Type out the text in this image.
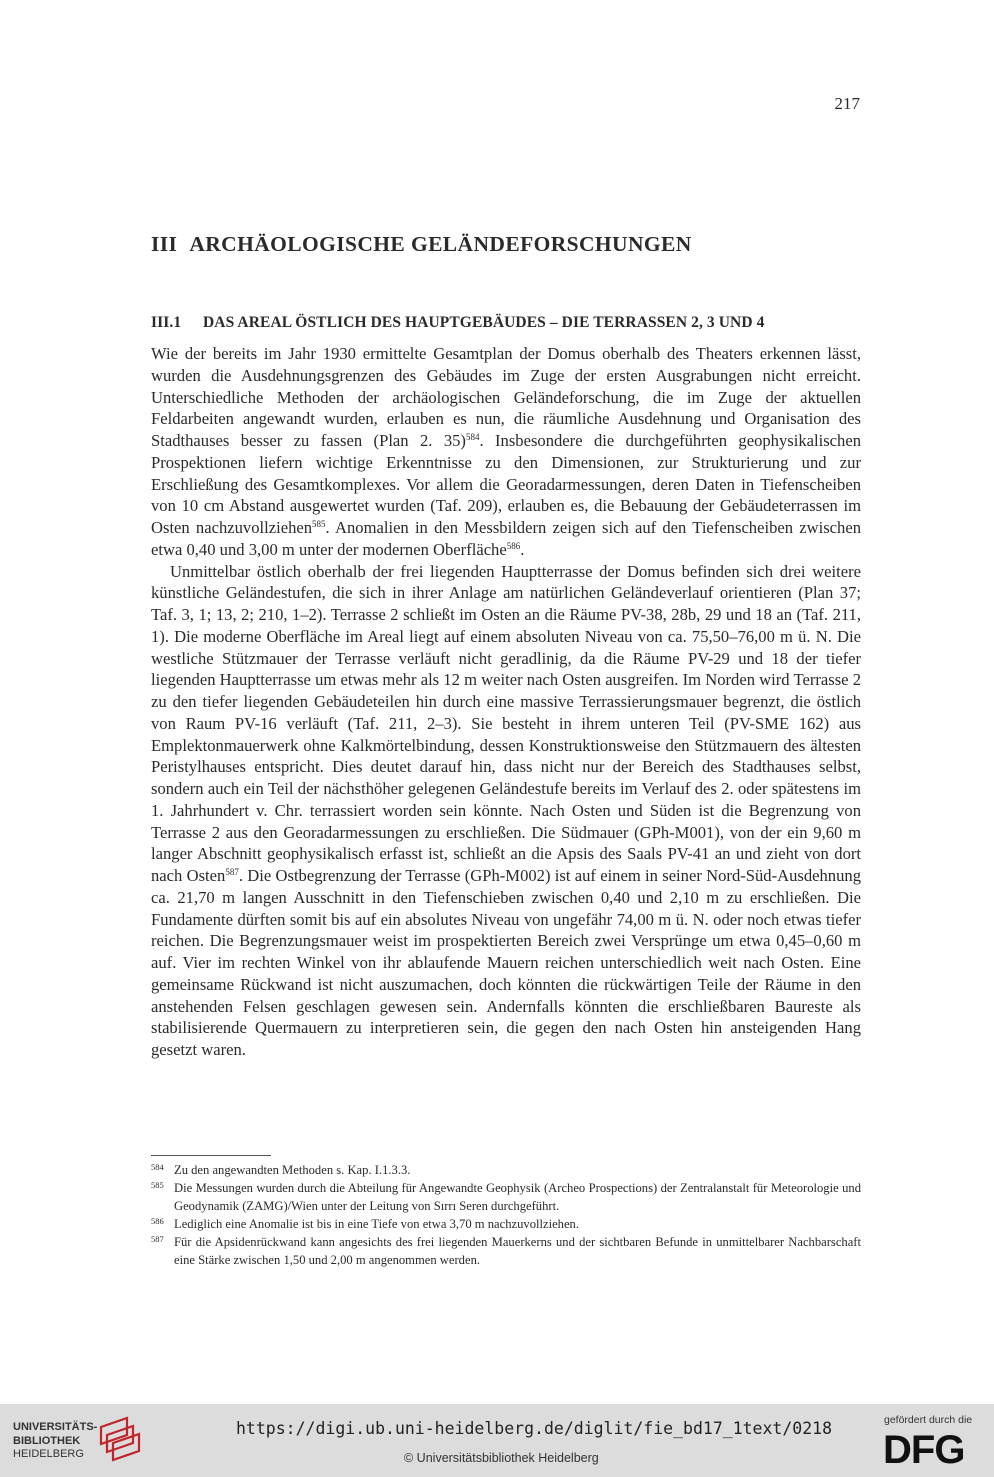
217
III ARCHÄOLOGISCHE GELÄNDEFORSCHUNGEN
III.1 DAS AREAL ÖSTLICH DES HAUPTGEBÄUDES – DIE TERRASSEN 2, 3 UND 4

Wie der bereits im Jahr 1930 ermittelte Gesamtplan der Domus oberhalb des Theaters erkennen lässt, wurden die Ausdehnungsgrenzen des Gebäudes im Zuge der ersten Ausgrabungen nicht erreicht. Unterschiedliche Methoden der archäologischen Geländeforschung, die im Zuge der aktuellen Feldarbeiten angewandt wurden, erlauben es nun, die räumliche Ausdehnung und Organisation des Stadthauses besser zu fassen (Plan 2. 35)$^{584}$. Insbesondere die durchgeführten geophysikalischen Prospektionen liefern wichtige Erkenntnisse zu den Dimensionen, zur Strukturierung und zur Erschließung des Gesamtkomplexes. Vor allem die Georadarmessungen, deren Daten in Tiefenscheiben von 10 cm Abstand ausgewertet wurden (Taf. 209), erlauben es, die Bebauung der Gebäudeterrassen im Osten nachzuvollziehen$^{585}$. Anomalien in den Messbildern zeigen sich auf den Tiefenscheiben zwischen etwa 0,40 und 3,00 m unter der modernen Oberfläche$^{586}$.

Unmittelbar östlich oberhalb der frei liegenden Hauptterrasse der Domus befinden sich drei weitere künstliche Geländestufen, die sich in ihrer Anlage am natürlichen Geländeverlauf orientieren (Plan 37; Taf. 3, 1; 13, 2; 210, 1–2). Terrasse 2 schließt im Osten an die Räume PV-38, 28b, 29 und 18 an (Taf. 211, 1). Die moderne Oberfläche im Areal liegt auf einem absoluten Niveau von ca. 75,50–76,00 m ü. N. Die westliche Stützmauer der Terrasse verläuft nicht geradlinig, da die Räume PV-29 und 18 der tiefer liegenden Hauptterrasse um etwas mehr als 12 m weiter nach Osten ausgreifen. Im Norden wird Terrasse 2 zu den tiefer liegenden Gebäudeteilen hin durch eine massive Terrassierungsmauer begrenzt, die östlich von Raum PV-16 verläuft (Taf. 211, 2–3). Sie besteht in ihrem unteren Teil (PV-SME 162) aus Emplektonmauerwerk ohne Kalkmörtelbindung, dessen Konstruktionsweise den Stützmauern des ältesten Peristylhauses entspricht. Dies deutet darauf hin, dass nicht nur der Bereich des Stadthauses selbst, sondern auch ein Teil der nächsthöher gelegenen Geländestufe bereits im Verlauf des 2. oder spätestens im 1. Jahrhundert v. Chr. terrassiert worden sein könnte. Nach Osten und Süden ist die Begrenzung von Terrasse 2 aus den Georadarmessungen zu erschließen. Die Südmauer (GPh-M001), von der ein 9,60 m langer Abschnitt geophysikalisch erfasst ist, schließt an die Apsis des Saals PV-41 an und zieht von dort nach Osten$^{587}$. Die Ostbegrenzung der Terrasse (GPh-M002) ist auf einem in seiner Nord-Süd-Ausdehnung ca. 21,70 m langen Ausschnitt in den Tiefenschieben zwischen 0,40 und 2,10 m zu erschließen. Die Fundamente dürften somit bis auf ein absolutes Niveau von ungefähr 74,00 m ü. N. oder noch etwas tiefer reichen. Die Begrenzungsmauer weist im prospektierten Bereich zwei Versprünge um etwa 0,45–0,60 m auf. Vier im rechten Winkel von ihr ablaufende Mauern reichen unterschiedlich weit nach Osten. Eine gemeinsame Rückwand ist nicht auszumachen, doch könnten die rückwärtigen Teile der Räume in den anstehenden Felsen geschlagen gewesen sein. Andernfalls könnten die erschließbaren Baureste als stabilisierende Quermauern zu interpretieren sein, die gegen den nach Osten hin ansteigenden Hang gesetzt waren.

584 Zu den angewandten Methoden s. Kap. I.1.3.3.
585 Die Messungen wurden durch die Abteilung für Angewandte Geophysik (Archeo Prospections) der Zentralanstalt für Meteorologie und Geodynamik (ZAMG)/Wien unter der Leitung von Sırrı Seren durchgeführt.
586 Lediglich eine Anomalie ist bis in eine Tiefe von etwa 3,70 m nachzuvollziehen.
587 Für die Apsidenrückwand kann angesichts des frei liegenden Mauerkerns und der sichtbaren Befunde in unmittelbarer Nachbarschaft eine Stärke zwischen 1,50 und 2,00 m angenommen werden.
UNIVERSITÄTS-
BIBLIOTHEK
HEIDELBERG
https://digi.ub.uni-heidelberg.de/diglit/fie_bd17_1text/0218
© Universitätsbibliothek Heidelberg
gefördert durch die
DFG
